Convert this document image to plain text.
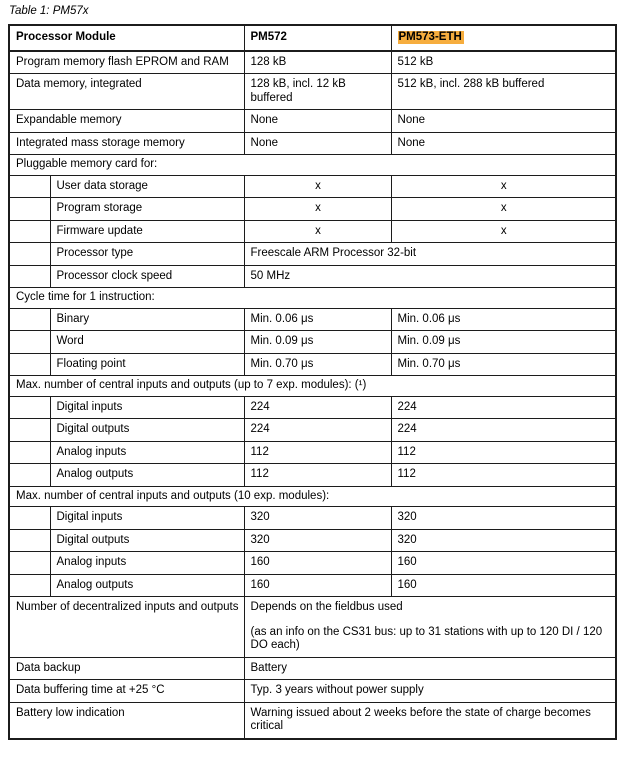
Table 1: PM57x
Processor Module		PM572	PM573-ETH
Program memory flash EPROM and RAM		128 kB	512 kB
Data memory, integrated		128 kB, incl. 12 kB buffered	512 kB, incl. 288 kB buffered
Expandable memory		None	None
Integrated mass storage memory		None	None
Pluggable memory card for:			
	User data storage	x	x
	Program storage	x	x
	Firmware update	x	x
	Processor type	Freescale ARM Processor 32-bit	
	Processor clock speed	50 MHz	
Cycle time for 1 instruction:			
	Binary	Min. 0.06 μs	Min. 0.06 μs
	Word	Min. 0.09 μs	Min. 0.09 μs
	Floating point	Min. 0.70 μs	Min. 0.70 μs
Max. number of central inputs and outputs (up to 7 exp. modules): (¹)			
	Digital inputs	224	224
	Digital outputs	224	224
	Analog inputs	112	112
	Analog outputs	112	112
Max. number of central inputs and outputs (10 exp. modules):			
	Digital inputs	320	320
	Digital outputs	320	320
	Analog inputs	160	160
	Analog outputs	160	160
Number of decentralized inputs and outputs		Depends on the fieldbus used
(as an info on the CS31 bus: up to 31 stations with up to 120 DI / 120 DO each)	

Data backup		Battery	
Data buffering time at +25 °C		Typ. 3 years without power supply	
Battery low indication		Warning issued about 2 weeks before the state of charge becomes critical	
